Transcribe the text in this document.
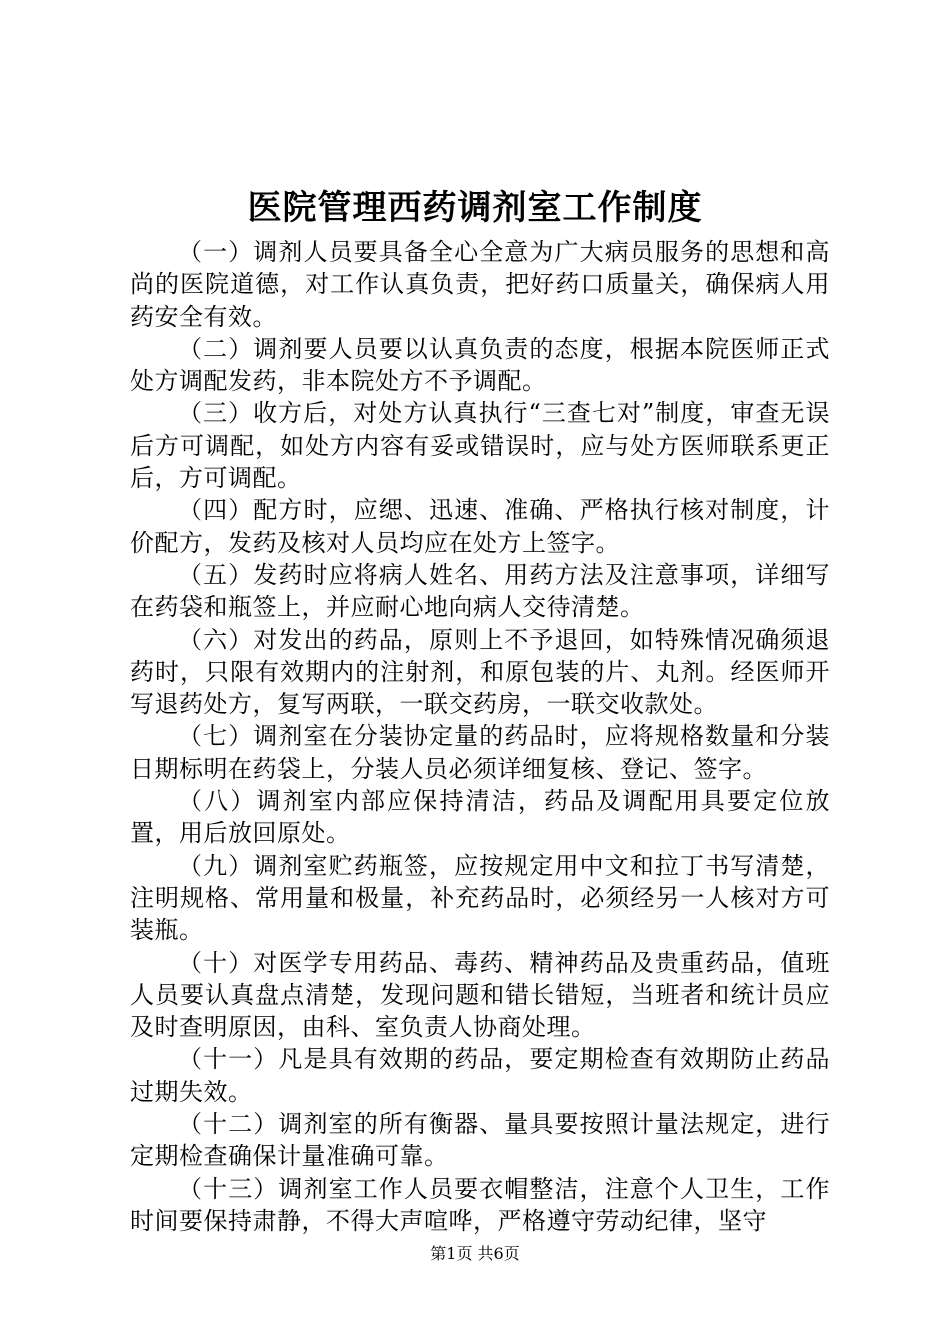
医院管理西药调剂室工作制度

（一）调剂人员要具备全心全意为广大病员服务的思想和高尚的医院道德，对工作认真负责，把好药口质量关，确保病人用药安全有效。

（二）调剂要人员要以认真负责的态度，根据本院医师正式处方调配发药，非本院处方不予调配。

（三）收方后，对处方认真执行“三查七对”制度，审查无误后方可调配，如处方内容有妥或错误时，应与处方医师联系更正后，方可调配。

（四）配方时，应缌、迅速、准确、严格执行核对制度，计价配方，发药及核对人员均应在处方上签字。

（五）发药时应将病人姓名、用药方法及注意事项，详细写在药袋和瓶签上，并应耐心地向病人交待清楚。

（六）对发出的药品，原则上不予退回，如特殊情况确须退药时，只限有效期内的注射剂，和原包装的片、丸剂。经医师开写退药处方，复写两联，一联交药房，一联交收款处。

（七）调剂室在分装协定量的药品时，应将规格数量和分装日期标明在药袋上，分装人员必须详细复核、登记、签字。

（八）调剂室内部应保持清洁，药品及调配用具要定位放置，用后放回原处。

（九）调剂室贮药瓶签，应按规定用中文和拉丁书写清楚，注明规格、常用量和极量，补充药品时，必须经另一人核对方可装瓶。

（十）对医学专用药品、毒药、精神药品及贵重药品，值班人员要认真盘点清楚，发现问题和错长错短，当班者和统计员应及时查明原因，由科、室负责人协商处理。

（十一）凡是具有效期的药品，要定期检查有效期防止药品过期失效。

（十二）调剂室的所有衡器、量具要按照计量法规定，进行定期检查确保计量准确可靠。

（十三）调剂室工作人员要衣帽整洁，注意个人卫生，工作时间要保持肃静，不得大声喧哗，严格遵守劳动纪律，坚守

第1页 共6页
